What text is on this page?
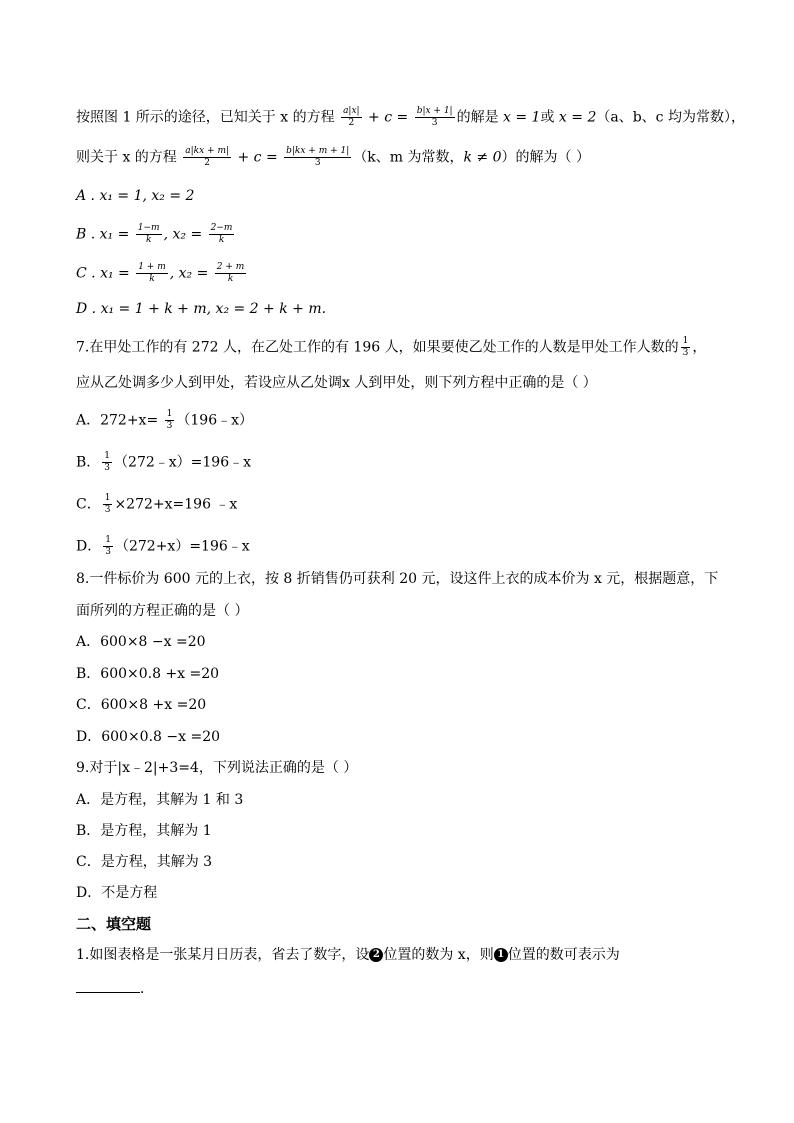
按照图 1 所示的途径，已知关于 x 的方程 $\frac{a|x|}{2} + c = \frac{b|x + 1|}{3}$ 的解是 x = 1或 x = 2（a、b、c 均为常数），
则关于 x 的方程 $\frac{a|kx + m|}{2} + c = \frac{b|kx + m + 1|}{3} (k$、m 为常数，k ≠ 0）的解为（ ）
A . x₁ = 1, x₂ = 2
B . $x_1 = \frac{1-m}{k}$ , $x_2 = \frac{2-m}{k}$
C . $x_1 = \frac{1 + m}{k}$ , $x_2 = \frac{2 + m}{k}$
D . x₁ = 1 + k + m, x₂ = 2 + k + m.
7.在甲处工作的有 272 人，在乙处工作的有 196 人，如果要使乙处工作的人数是甲处工作人数的 $\frac{1}{3}$ ，
应从乙处调多少人到甲处，若设应从乙处调x 人到甲处，则下列方程中正确的是（ ）
A．$272+x= \frac{1}{3}$ （196﹣x）
B． $\frac{1}{3}$ （272﹣x）=196﹣x
C． $\frac{1}{3} \times 272+x=196$ ﹣x
D． $\frac{1}{3}$ （272+x）=196﹣x
8.一件标价为 600 元的上衣，按 8 折销售仍可获利 20 元，设这件上衣的成本价为 x 元，根据题意，下
面所列的方程正确的是（ ）
A．600×8 −x =20
B．600×0.8 +x =20
C．600×8 +x =20
D．600×0.8 −x =20
9.对于|x﹣2|+3=4，下列说法正确的是（ ）
A．是方程，其解为 1 和 3
B．是方程，其解为 1
C．是方程，其解为 3
D．不是方程
二、填空题
1.如图表格是一张某月日历表，省去了数字，设 2 位置的数为 x，则 1 位置的数可表示为
．
